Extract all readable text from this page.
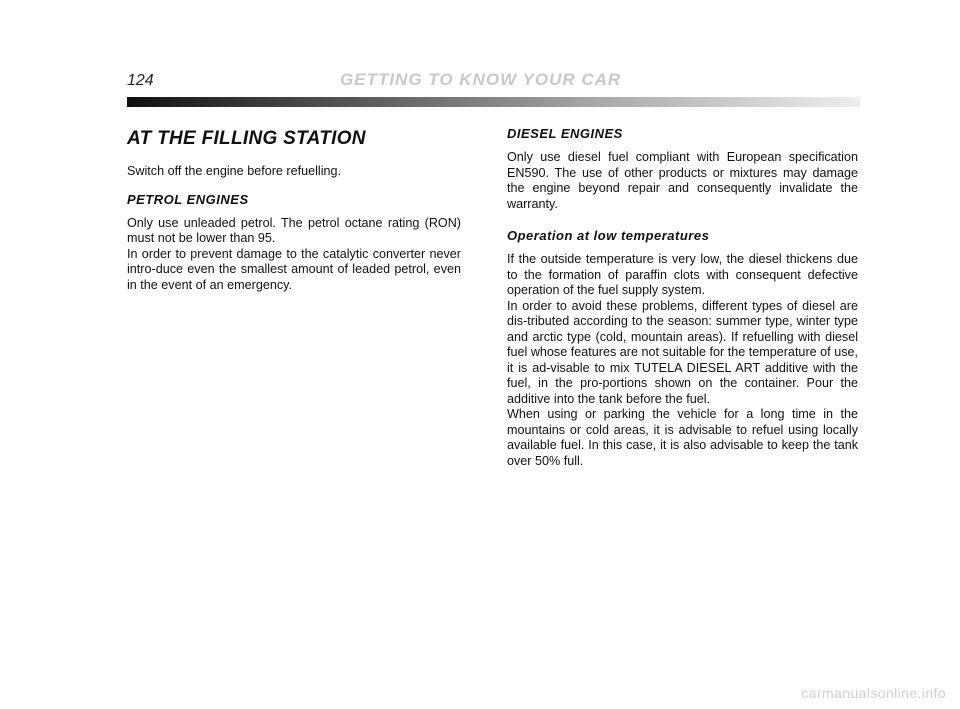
124	GETTING TO KNOW YOUR CAR
AT THE FILLING STATION

Switch off the engine before refuelling.

PETROL ENGINES

Only use unleaded petrol. The petrol octane rating (RON) must not be lower than 95.

In order to prevent damage to the catalytic converter never intro-duce even the smallest amount of leaded petrol, even in the event of an emergency.

DIESEL ENGINES

Only use diesel fuel compliant with European specification EN590. The use of other products or mixtures may damage the engine beyond repair and consequently invalidate the warranty.

Operation at low temperatures

If the outside temperature is very low, the diesel thickens due to the formation of paraffin clots with consequent defective operation of the fuel supply system.

In order to avoid these problems, different types of diesel are dis-tributed according to the season: summer type, winter type and arctic type (cold, mountain areas). If refuelling with diesel fuel whose features are not suitable for the temperature of use, it is ad-visable to mix TUTELA DIESEL ART additive with the fuel, in the pro-portions shown on the container. Pour the additive into the tank before the fuel.

When using or parking the vehicle for a long time in the mountains or cold areas, it is advisable to refuel using locally available fuel. In this case, it is also advisable to keep the tank over 50% full.

carmanualsonline.info
